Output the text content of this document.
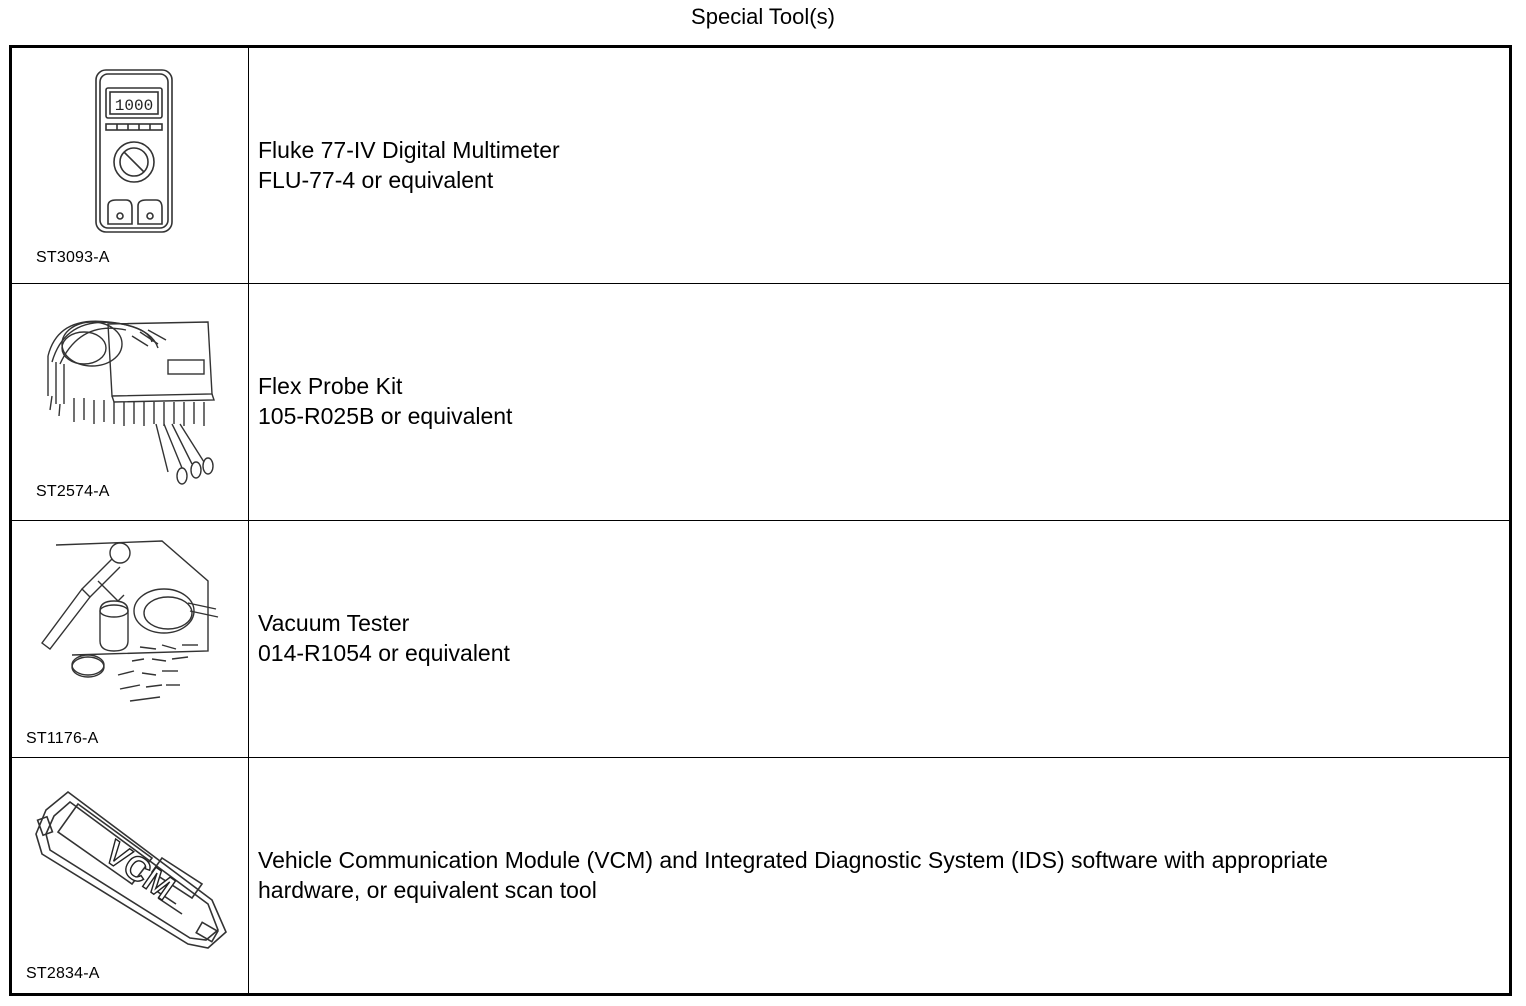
Special Tool(s)
1000
ST3093-A
Fluke 77-IV Digital Multimeter
FLU-77-4 or equivalent
ST2574-A
Flex Probe Kit
105-R025B or equivalent
ST1176-A
Vacuum Tester
014-R1054 or equivalent
VCM
ST2834-A
Vehicle Communication Module (VCM) and Integrated Diagnostic System (IDS) software with appropriate
hardware, or equivalent scan tool
